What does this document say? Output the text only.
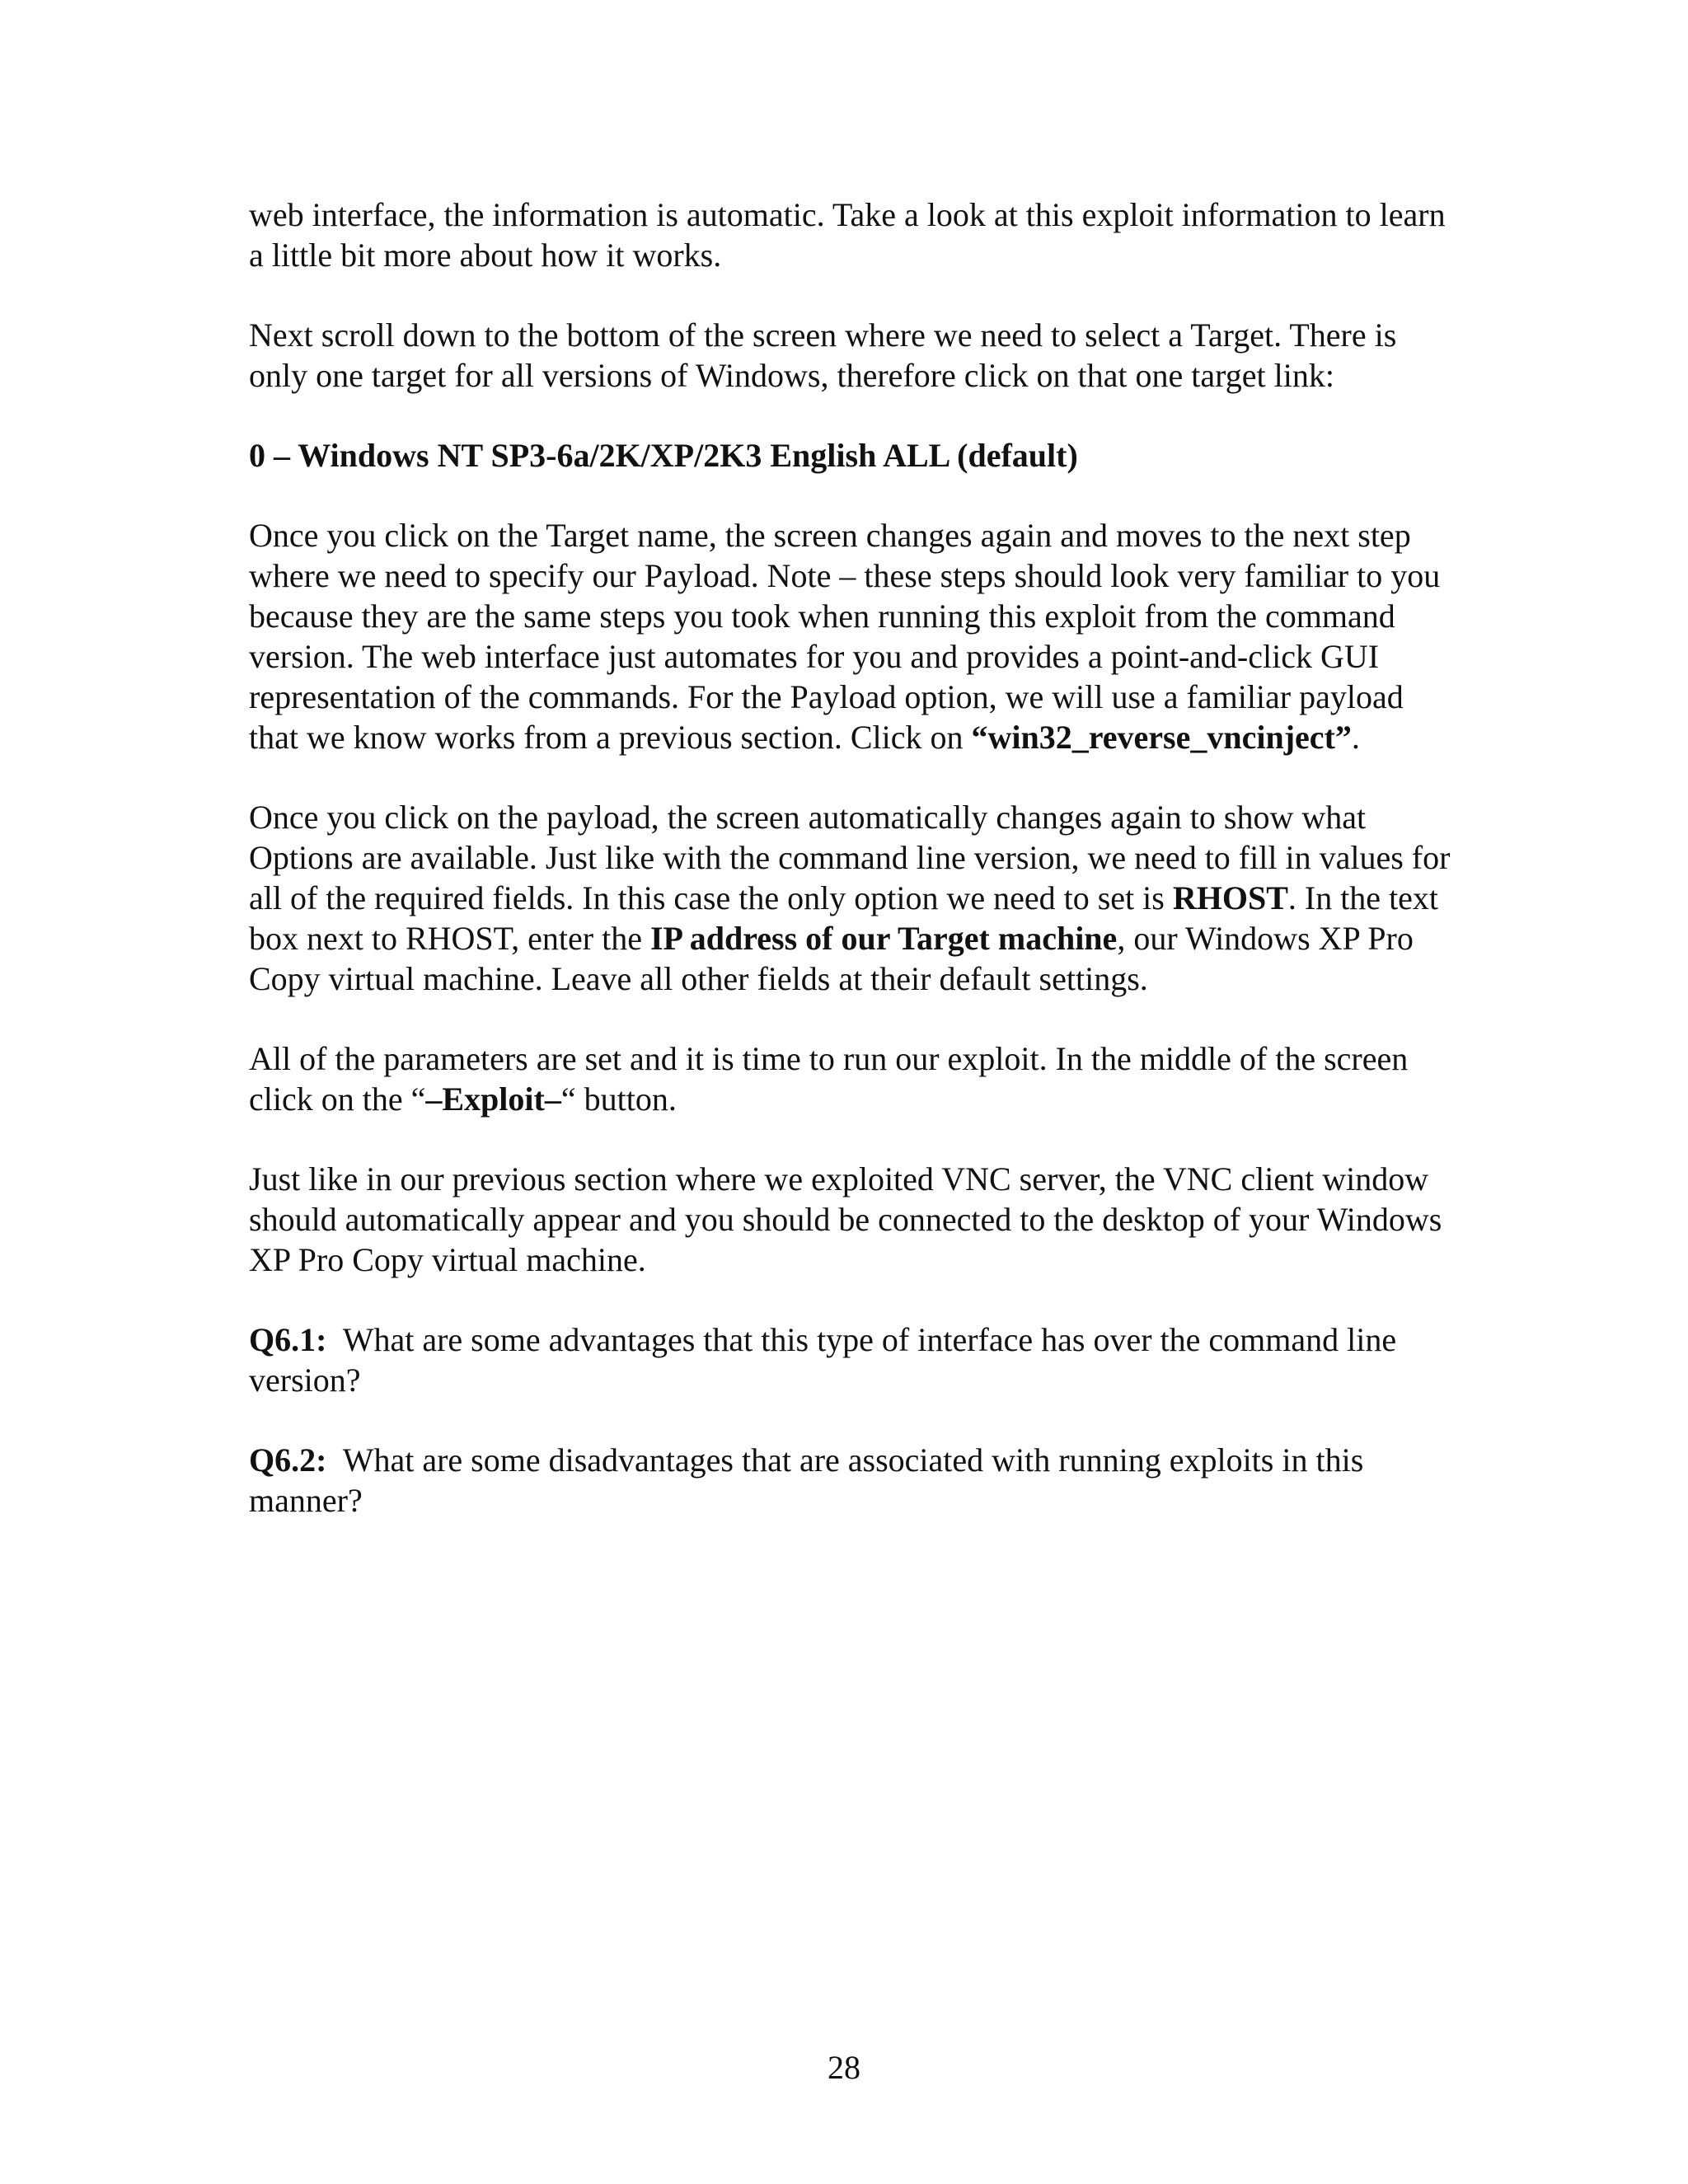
web interface, the information is automatic. Take a look at this exploit information to learn a little bit more about how it works.

Next scroll down to the bottom of the screen where we need to select a Target. There is only one target for all versions of Windows, therefore click on that one target link:

0 – Windows NT SP3-6a/2K/XP/2K3 English ALL (default)

Once you click on the Target name, the screen changes again and moves to the next step where we need to specify our Payload. Note – these steps should look very familiar to you because they are the same steps you took when running this exploit from the command version. The web interface just automates for you and provides a point-and-click GUI representation of the commands. For the Payload option, we will use a familiar payload that we know works from a previous section. Click on “win32_reverse_vncinject”.

Once you click on the payload, the screen automatically changes again to show what Options are available. Just like with the command line version, we need to fill in values for all of the required fields. In this case the only option we need to set is RHOST. In the text box next to RHOST, enter the IP address of our Target machine, our Windows XP Pro Copy virtual machine. Leave all other fields at their default settings.

All of the parameters are set and it is time to run our exploit. In the middle of the screen click on the “–Exploit–“ button.

Just like in our previous section where we exploited VNC server, the VNC client window should automatically appear and you should be connected to the desktop of your Windows XP Pro Copy virtual machine.

Q6.1:  What are some advantages that this type of interface has over the command line version?

Q6.2:  What are some disadvantages that are associated with running exploits in this manner?

28
